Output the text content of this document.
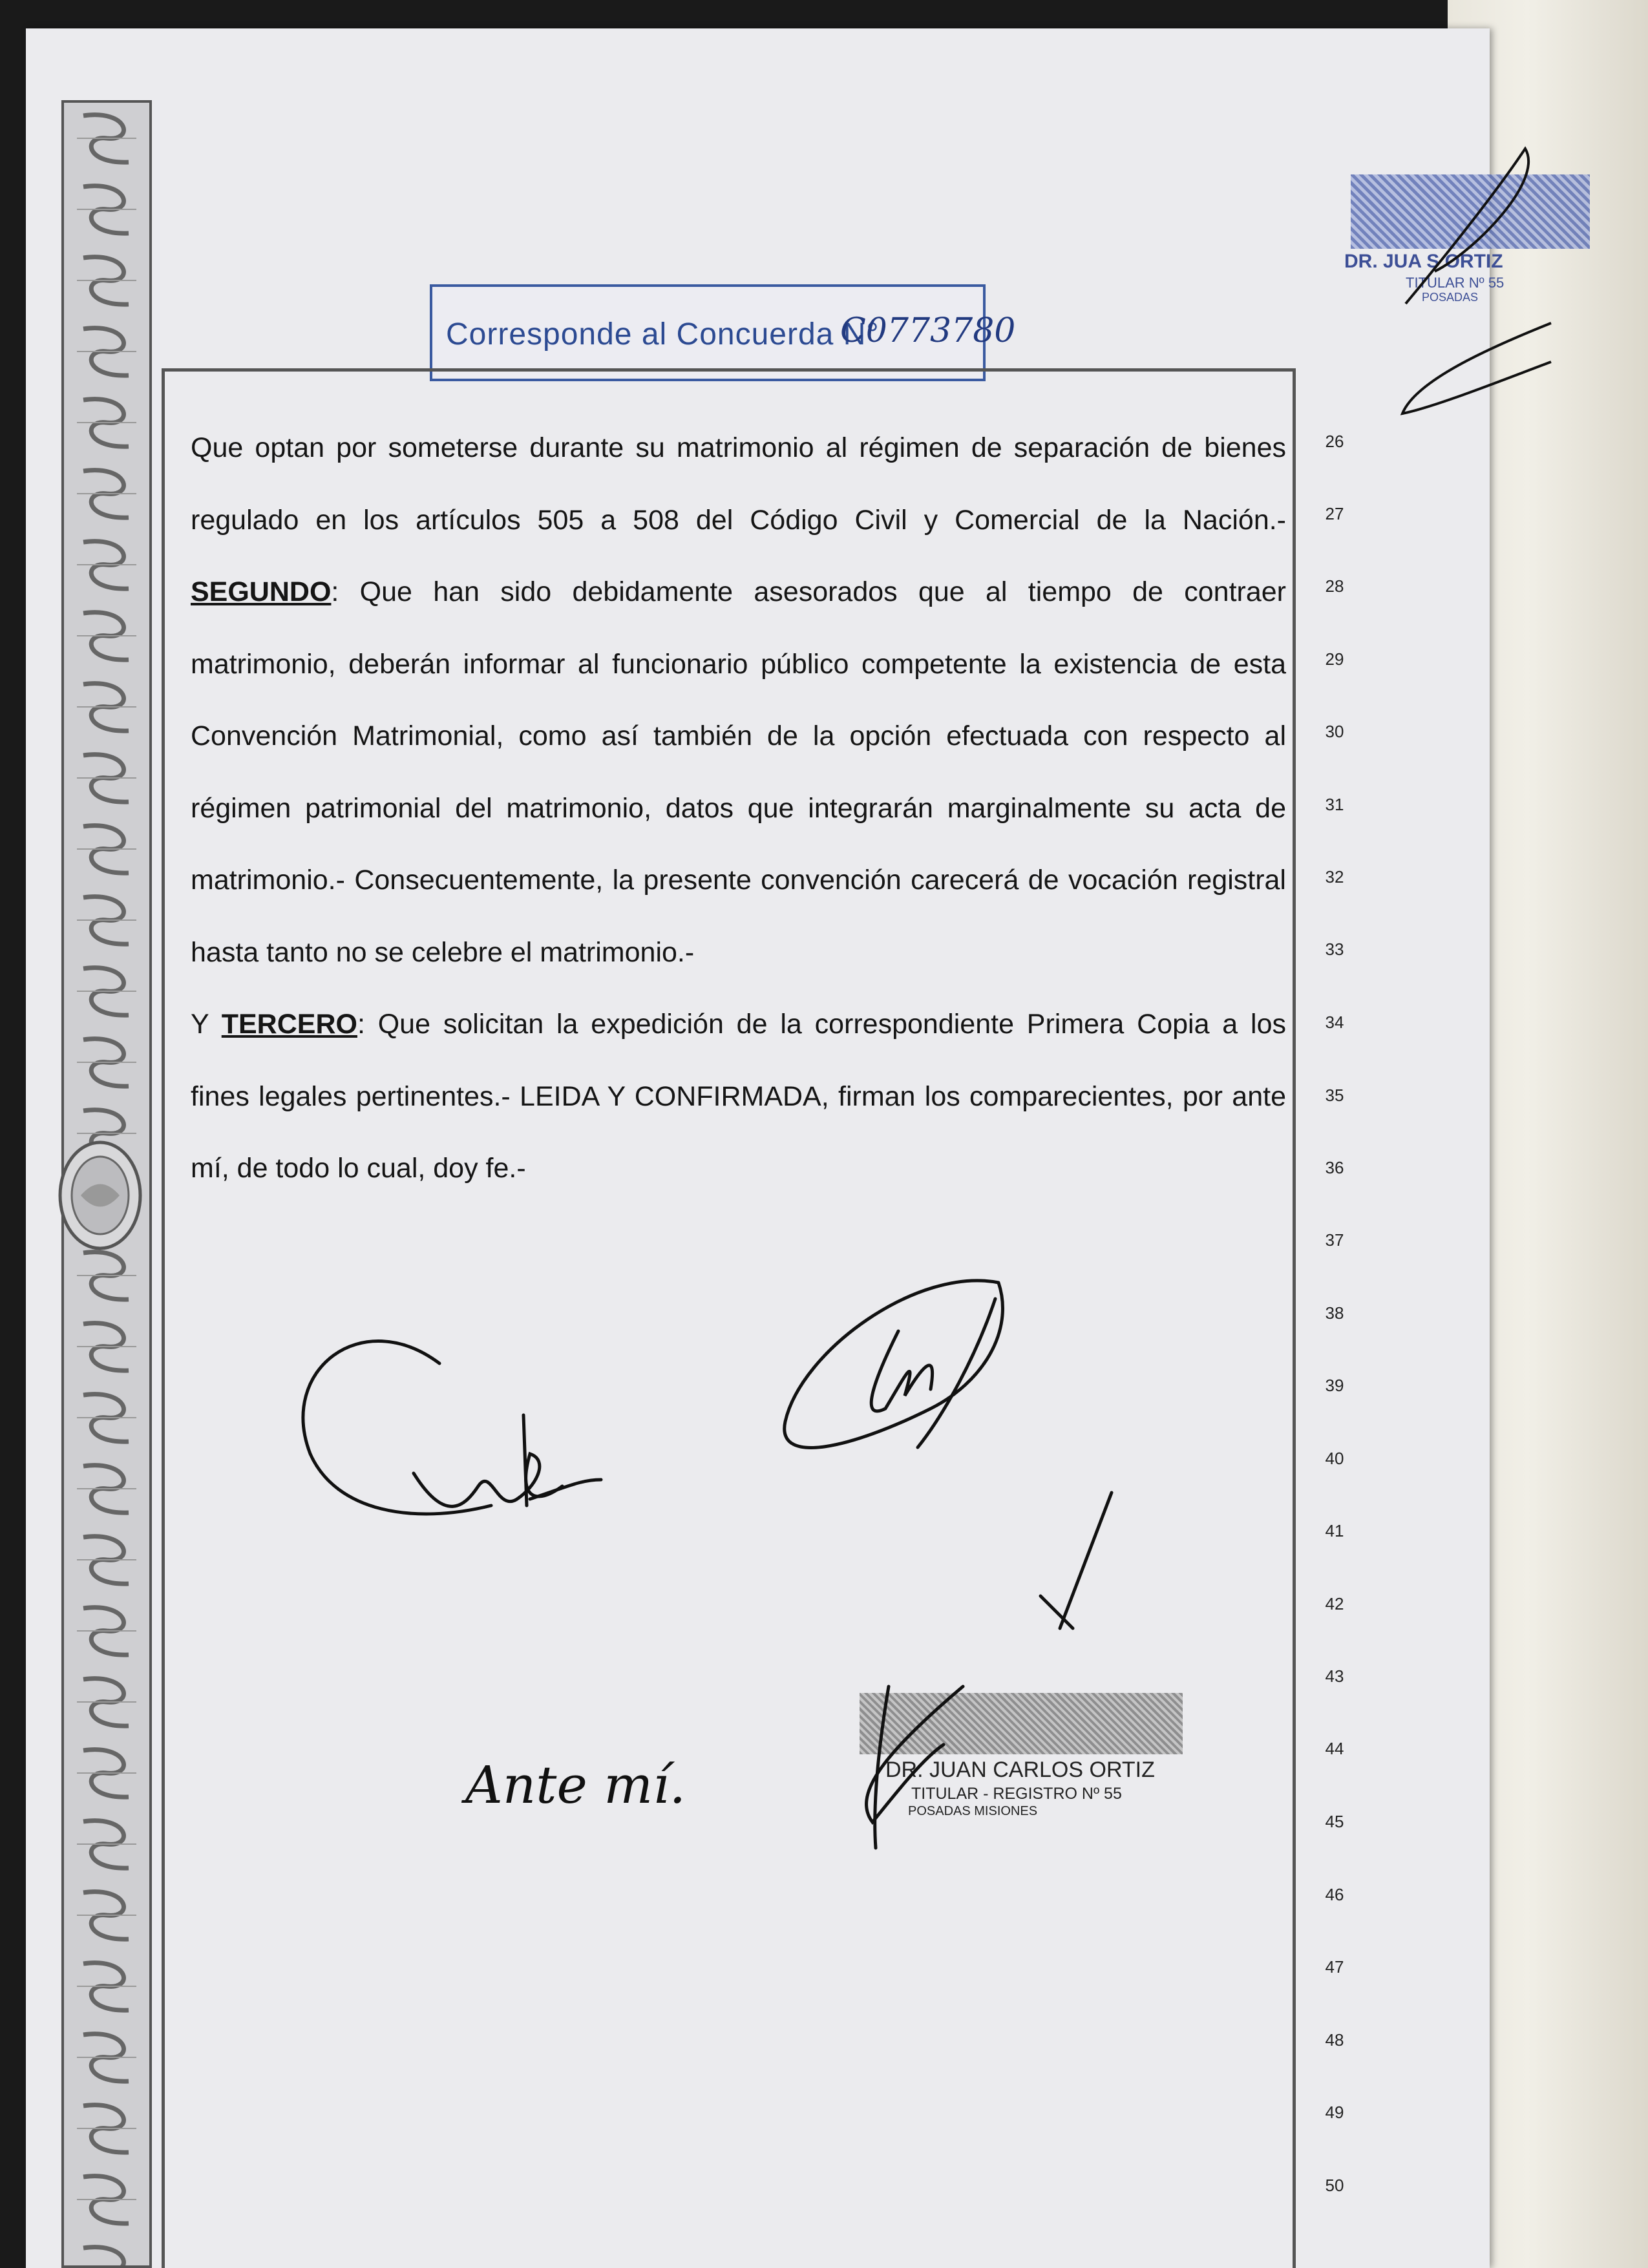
DR. JUA S ORTIZ
TITULAR Nº 55
POSADAS
Corresponde al Concuerda N°
C0773780

Que optan por someterse durante su matrimonio al régimen de separación de bienes regulado en los artículos 505 a 508 del Código Civil y Comercial de la Nación.- SEGUNDO: Que han sido debidamente asesorados que al tiempo de contraer matrimonio, deberán informar al funcionario público competente la existencia de esta Convención Matrimonial, como así también de la opción efectuada con respecto al régimen patrimonial del matrimonio, datos que integrarán marginalmente su acta de matrimonio.- Consecuentemente, la presente convención carecerá de vocación registral hasta tanto no se celebre el matrimonio.-

Y TERCERO: Que solicitan la expedición de la correspondiente Primera Copia a los fines legales pertinentes.- LEIDA Y CONFIRMADA, firman los comparecientes, por ante mí, de todo lo cual, doy fe.-

26
27
28
29
30
31
32
33
34
35
36
37
38
39
40
41
42
43
44
45
46
47
48
49
50
DR. JUAN CARLOS ORTIZ
TITULAR - REGISTRO Nº 55
POSADAS MISIONES
Ante mí.
